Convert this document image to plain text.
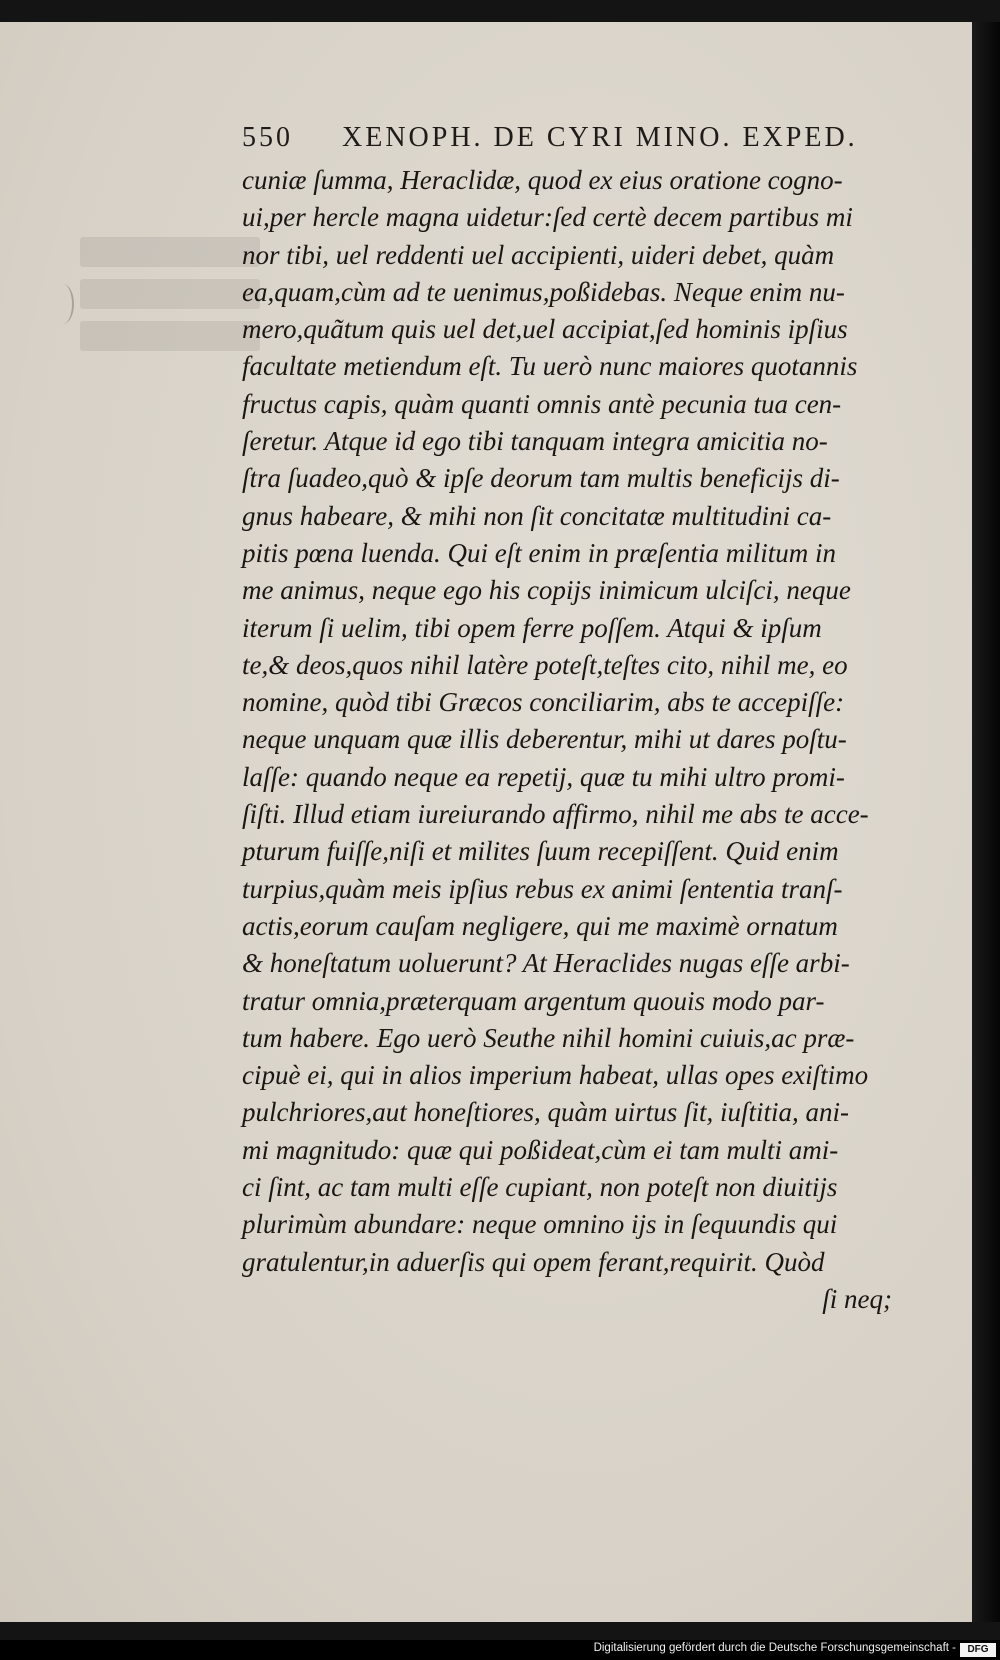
550 XENOPH. DE CYRI MINO. EXPED.
cuniæ ſumma, Heraclidæ, quod ex eius oratione cogno-
ui,per hercle magna uidetur:ſed certè decem partibus mi
nor tibi, uel reddenti uel accipienti, uideri debet, quàm
ea,quam,cùm ad te uenimus,poßidebas. Neque enim nu-
mero,quãtum quis uel det,uel accipiat,ſed hominis ipſius
facultate metiendum eſt. Tu uerò nunc maiores quotannis
fructus capis, quàm quanti omnis antè pecunia tua cen-
ſeretur. Atque id ego tibi tanquam integra amicitia no-
ſtra ſuadeo,quò & ipſe deorum tam multis beneficijs di-
gnus habeare, & mihi non ſit concitatæ multitudini ca-
pitis pœna luenda. Qui eſt enim in præſentia militum in
me animus, neque ego his copijs inimicum ulciſci, neque
iterum ſi uelim, tibi opem ferre poſſem. Atqui & ipſum
te,& deos,quos nihil latère poteſt,teſtes cito, nihil me, eo
nomine, quòd tibi Græcos conciliarim, abs te accepiſſe:
neque unquam quæ illis deberentur, mihi ut dares poſtu-
laſſe: quando neque ea repetij, quæ tu mihi ultro promi-
ſiſti. Illud etiam iureiurando affirmo, nihil me abs te acce-
pturum fuiſſe,niſi et milites ſuum recepiſſent. Quid enim
turpius,quàm meis ipſius rebus ex animi ſententia tranſ-
actis,eorum cauſam negligere, qui me maximè ornatum
& honeſtatum uoluerunt? At Heraclides nugas eſſe arbi-
tratur omnia,præterquam argentum quouis modo par-
tum habere. Ego uerò Seuthe nihil homini cuiuis,ac præ-
cipuè ei, qui in alios imperium habeat, ullas opes exiſtimo
pulchriores,aut honeſtiores, quàm uirtus ſit, iuſtitia, ani-
mi magnitudo: quæ qui poßideat,cùm ei tam multi ami-
ci ſint, ac tam multi eſſe cupiant, non poteſt non diuitijs
plurimùm abundare: neque omnino ijs in ſequundis qui
gratulentur,in aduerſis qui opem ferant,requirit. Quòd
ſi neq;
Digitalisierung gefördert durch die Deutsche Forschungsgemeinschaft -	DFG
